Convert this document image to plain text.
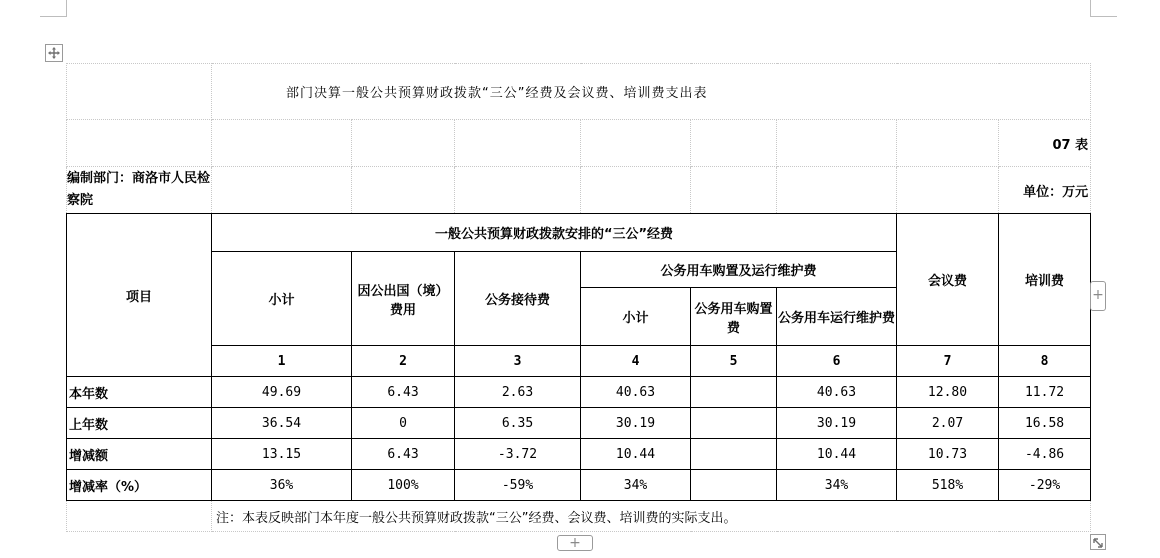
	部门决算一般公共预算财政拨款“三公”经费及会议费、培训费支出表							
								07 表
编制部门：商洛市人民检察院								单位：万元
项目	一般公共预算财政拨款安排的“三公”经费						会议费	培训费
	小计	因公出国（境）费用	公务接待费	公务用车购置及运行维护费				
				小计	公务用车购置费	公务用车运行维护费		
	1	2	3	4	5	6	7	8
本年数	49.69	6.43	2.63	40.63		40.63	12.80	11.72
上年数	36.54	0	6.35	30.19		30.19	2.07	16.58
增减额	13.15	6.43	-3.72	10.44		10.44	10.73	-4.86
增减率（%）	36%	100%	-59%	34%		34%	518%	-29%
	注：本表反映部门本年度一般公共预算财政拨款“三公”经费、会议费、培训费的实际支出。							
+
+
